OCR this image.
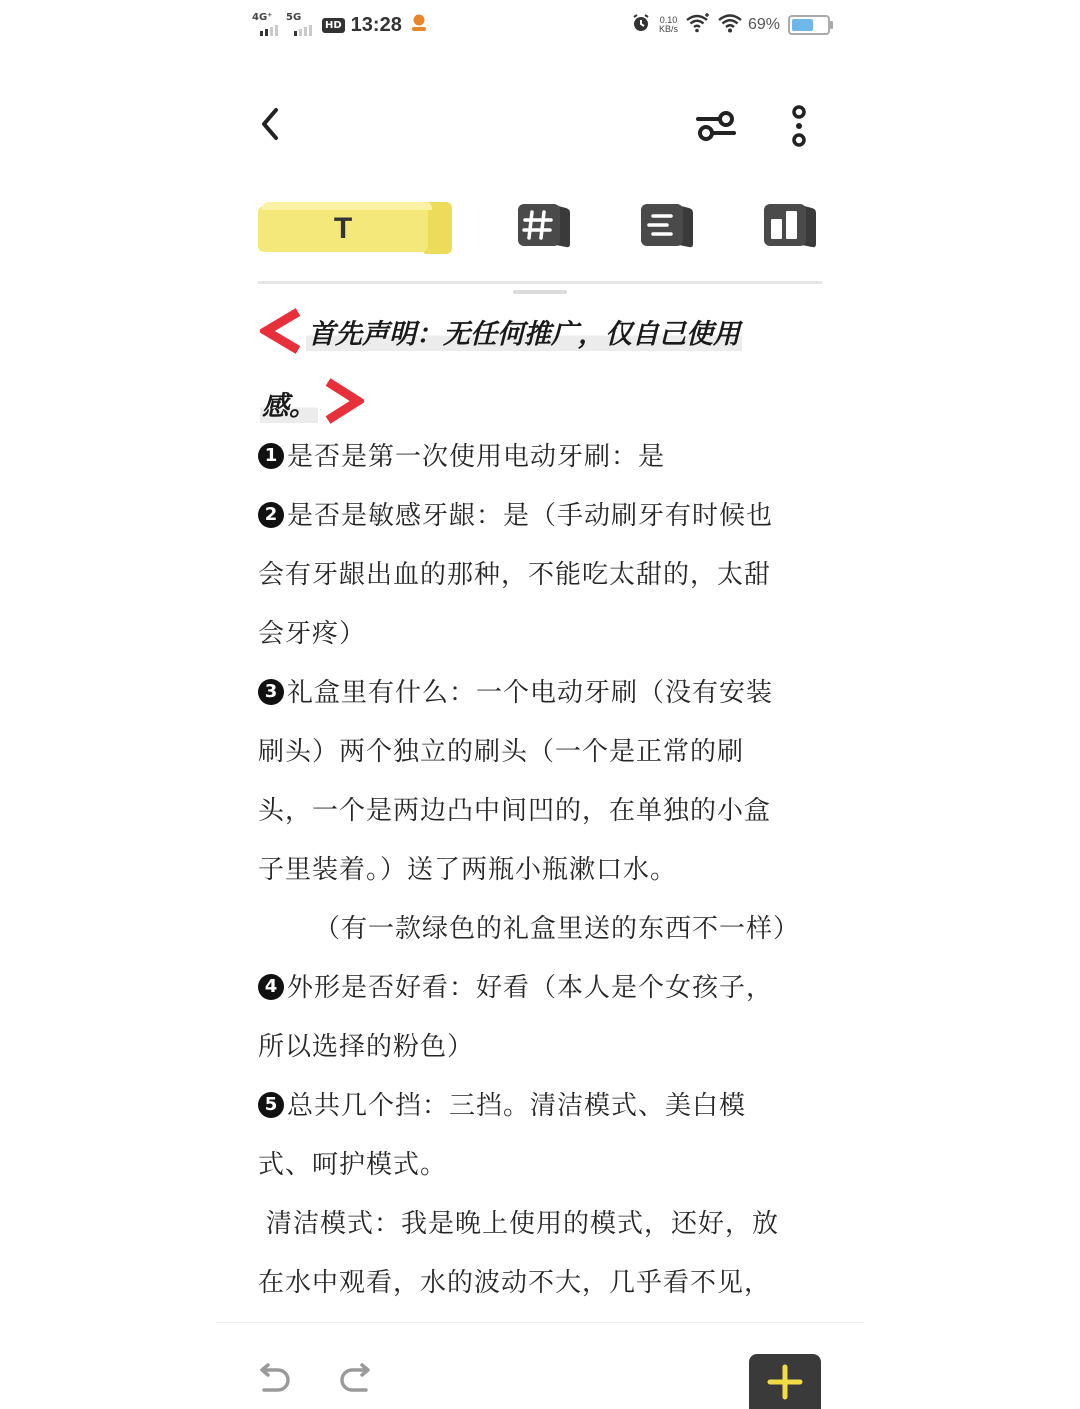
4G⁺ 5G
HD 13:28	0.10
KB/s	69%
T
首先声明：无任何推广，仅自己使用
感。
1 是否是第一次使用电动牙刷：是
2 是否是敏感牙龈：是（手动刷牙有时候也
会有牙龈出血的那种，不能吃太甜的，太甜
会牙疼）
3 礼盒里有什么：一个电动牙刷（没有安装
刷头）两个独立的刷头（一个是正常的刷
头，一个是两边凸中间凹的，在单独的小盒
子里装着。）送了两瓶小瓶漱口水。
（有一款绿色的礼盒里送的东西不一样）
4 外形是否好看：好看（本人是个女孩子，
所以选择的粉色）
5 总共几个挡：三挡。清洁模式、美白模
式、呵护模式。
清洁模式：我是晚上使用的模式，还好，放
在水中观看，水的波动不大，几乎看不见，
